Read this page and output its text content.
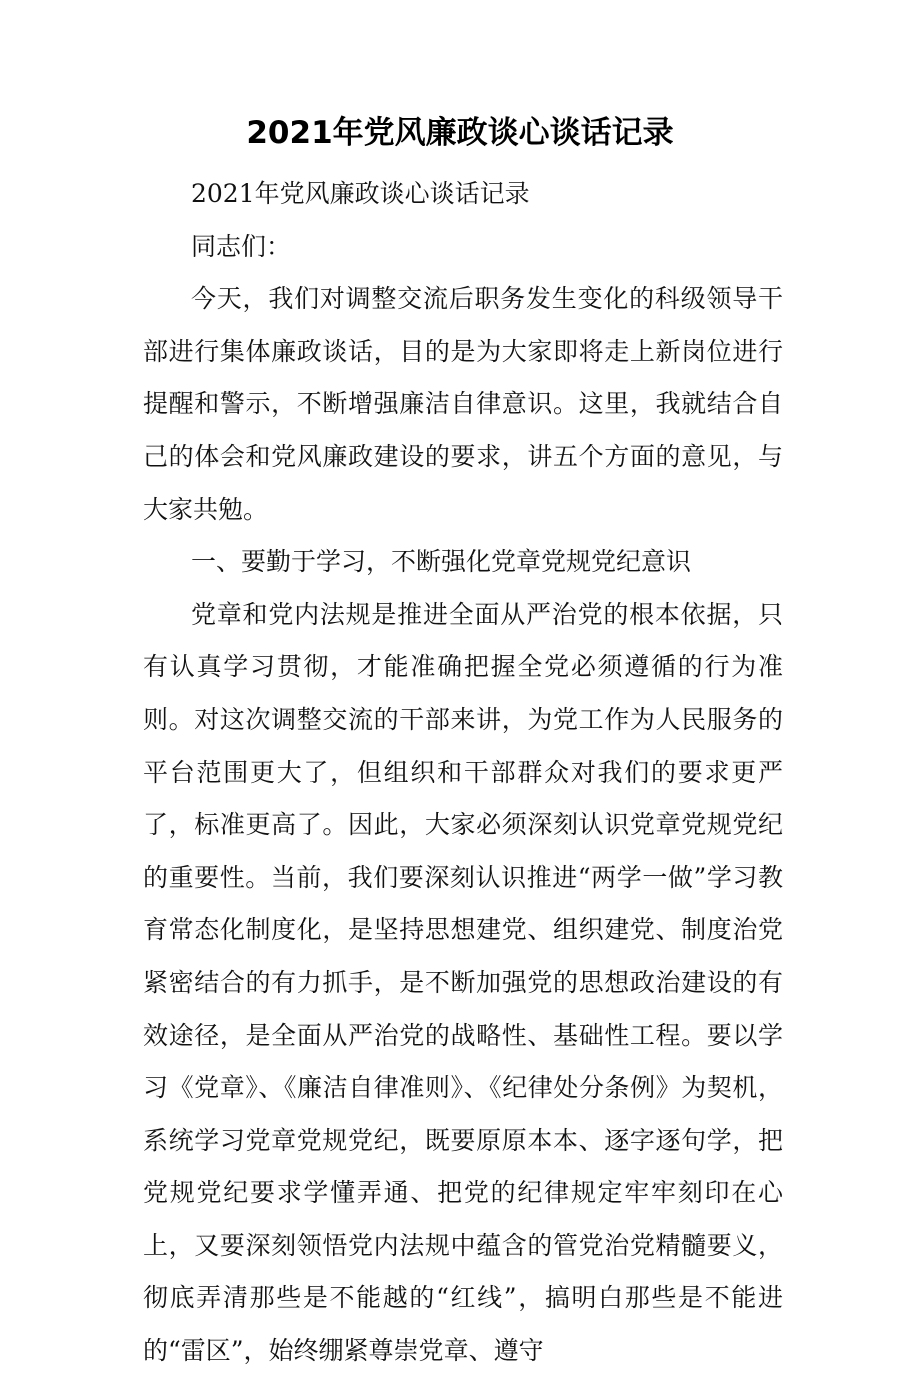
2021年党风廉政谈心谈话记录

2021年党风廉政谈心谈话记录

同志们：

今天，我们对调整交流后职务发生变化的科级领导干部进行集体廉政谈话，目的是为大家即将走上新岗位进行提醒和警示，不断增强廉洁自律意识。这里，我就结合自己的体会和党风廉政建设的要求，讲五个方面的意见，与大家共勉。

一、要勤于学习，不断强化党章党规党纪意识

党章和党内法规是推进全面从严治党的根本依据，只有认真学习贯彻，才能准确把握全党必须遵循的行为准则。对这次调整交流的干部来讲，为党工作为人民服务的平台范围更大了，但组织和干部群众对我们的要求更严了，标准更高了。因此，大家必须深刻认识党章党规党纪的重要性。当前，我们要深刻认识推进“两学一做”学习教育常态化制度化，是坚持思想建党、组织建党、制度治党紧密结合的有力抓手，是不断加强党的思想政治建设的有效途径，是全面从严治党的战略性、基础性工程。要以学习《党章》、《廉洁自律准则》、《纪律处分条例》为契机，系统学习党章党规党纪，既要原原本本、逐字逐句学，把党规党纪要求学懂弄通、把党的纪律规定牢牢刻印在心上，又要深刻领悟党内法规中蕴含的管党治党精髓要义，彻底弄清那些是不能越的“红线”，搞明白那些是不能进的“雷区”，始终绷紧尊崇党章、遵守
